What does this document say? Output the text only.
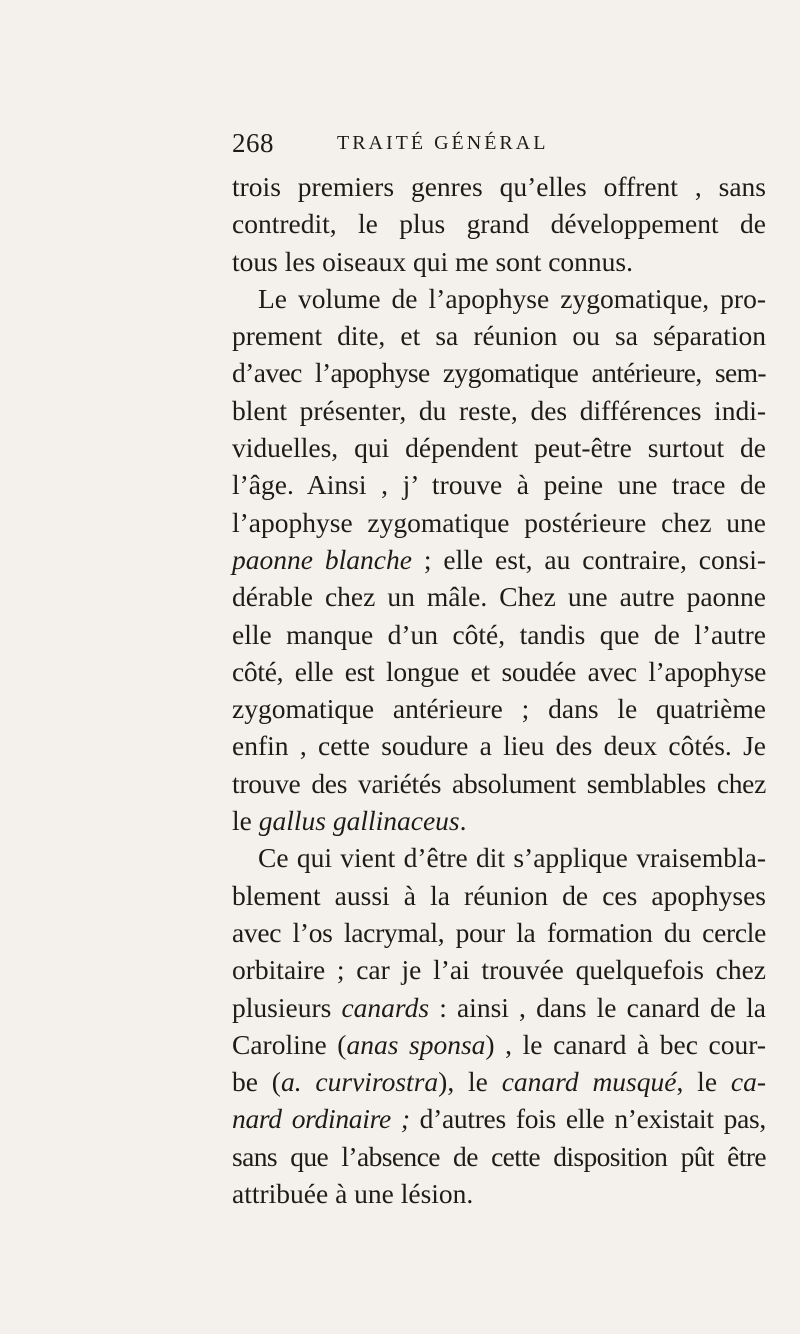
268	TRAITÉ GÉNÉRAL
trois premiers genres qu’elles offrent , sans
contredit, le plus grand développement de
tous les oiseaux qui me sont connus.
Le volume de l’apophyse zygomatique, pro-
prement dite, et sa réunion ou sa séparation
d’avec l’apophyse zygomatique antérieure, sem-
blent présenter, du reste, des différences indi-
viduelles, qui dépendent peut-être surtout de
l’âge. Ainsi , j’ trouve à peine une trace de
l’apophyse zygomatique postérieure chez une
paonne blanche ; elle est, au contraire, consi-
dérable chez un mâle. Chez une autre paonne
elle manque d’un côté, tandis que de l’autre
côté, elle est longue et soudée avec l’apophyse
zygomatique antérieure ; dans le quatrième
enfin , cette soudure a lieu des deux côtés. Je
trouve des variétés absolument semblables chez
le gallus gallinaceus.
Ce qui vient d’être dit s’applique vraisembla-
blement aussi à la réunion de ces apophyses
avec l’os lacrymal, pour la formation du cercle
orbitaire ; car je l’ai trouvée quelquefois chez
plusieurs canards : ainsi , dans le canard de la
Caroline (anas sponsa) , le canard à bec cour-
be (a. curvirostra), le canard musqué, le ca-
nard ordinaire ; d’autres fois elle n’existait pas,
sans que l’absence de cette disposition pût être
attribuée à une lésion.
